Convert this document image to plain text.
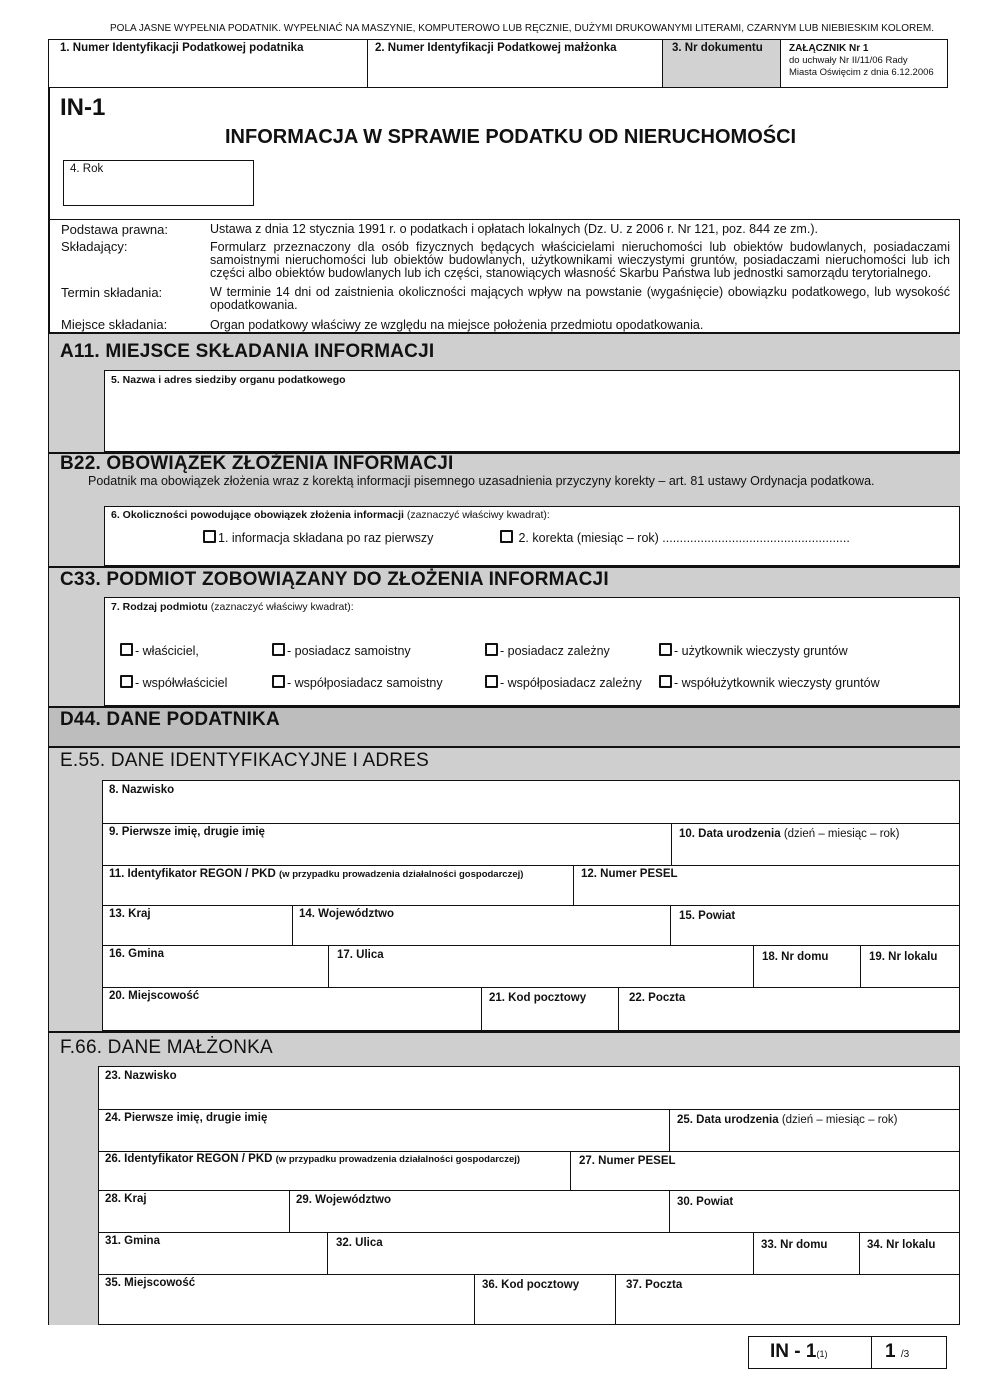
POLA JASNE WYPEŁNIA PODATNIK. WYPEŁNIAĆ NA MASZYNIE, KOMPUTEROWO LUB RĘCZNIE, DUŻYMI DRUKOWANYMI LITERAMI, CZARNYM LUB NIEBIESKIM KOLOREM.
1. Numer Identyfikacji Podatkowej podatnika	2. Numer Identyfikacji Podatkowej małżonka	3. Nr dokumentu	ZAŁĄCZNIK Nr 1
do uchwały Nr II/11/06 Rady
Miasta Oświęcim z dnia 6.12.2006
IN-1
INFORMACJA W SPRAWIE PODATKU OD NIERUCHOMOŚCI
4. Rok
Podstawa prawna:	Ustawa z dnia 12 stycznia 1991 r. o podatkach i opłatach lokalnych (Dz. U. z 2006 r. Nr 121, poz. 844 ze zm.).
Składający:	Formularz przeznaczony dla osób fizycznych będących właścicielami nieruchomości lub obiektów budowlanych, posiadaczami samoistnymi nieruchomości lub obiektów budowlanych, użytkownikami wieczystymi gruntów, posiadaczami nieruchomości lub ich części albo obiektów budowlanych lub ich części, stanowiących własność Skarbu Państwa lub jednostki samorządu terytorialnego.
Termin składania:	W terminie 14 dni od zaistnienia okoliczności mających wpływ na powstanie (wygaśnięcie) obowiązku podatkowego, lub wysokość opodatkowania.
Miejsce składania:	Organ podatkowy właściwy ze względu na miejsce położenia przedmiotu opodatkowania.
A11. MIEJSCE SKŁADANIA INFORMACJI
5. Nazwa i adres siedziby organu podatkowego
B22. OBOWIĄZEK ZŁOŻENIA INFORMACJI
Podatnik ma obowiązek złożenia wraz z korektą informacji pisemnego uzasadnienia przyczyny korekty – art. 81 ustawy Ordynacja podatkowa.
6. Okoliczności powodujące obowiązek złożenia informacji (zaznaczyć właściwy kwadrat):
1. informacja składana po raz pierwszy	2. korekta (miesiąc – rok) ......................................................
C33. PODMIOT ZOBOWIĄZANY DO ZŁOŻENIA INFORMACJI
7. Rodzaj podmiotu (zaznaczyć właściwy kwadrat):
- właściciel,	- posiadacz samoistny	- posiadacz zależny	- użytkownik wieczysty gruntów
- współwłaściciel	- współposiadacz samoistny	- współposiadacz zależny	- współużytkownik wieczysty gruntów
D44. DANE PODATNIKA
E.55. DANE IDENTYFIKACYJNE I ADRES
8. Nazwisko
9. Pierwsze imię, drugie imię	10. Data urodzenia (dzień – miesiąc – rok)
11. Identyfikator REGON / PKD (w przypadku prowadzenia działalności gospodarczej)	12. Numer PESEL
13. Kraj	14. Województwo	15. Powiat
16. Gmina	17. Ulica	18. Nr domu	19. Nr lokalu
20. Miejscowość	21. Kod pocztowy	22. Poczta
F.66. DANE MAŁŻONKA
23. Nazwisko
24. Pierwsze imię, drugie imię	25. Data urodzenia (dzień – miesiąc – rok)
26. Identyfikator REGON / PKD (w przypadku prowadzenia działalności gospodarczej)	27. Numer PESEL
28. Kraj	29. Województwo	30. Powiat
31. Gmina	32. Ulica	33. Nr domu	34. Nr lokalu
35. Miejscowość	36. Kod pocztowy	37. Poczta
IN - 1(1)	1 /3
